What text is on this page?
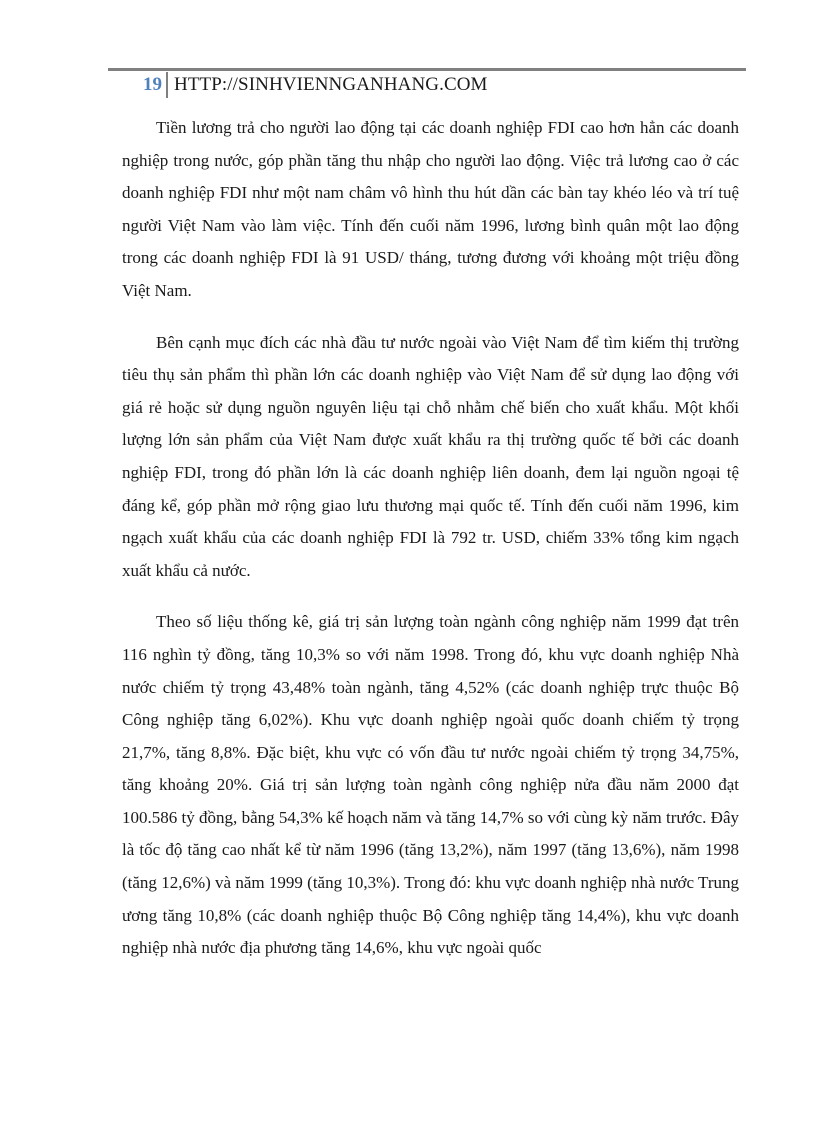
19 HTTP://SINHVIENNGANHANG.COM

Tiền lương trả cho người lao động tại các doanh nghiệp FDI cao hơn hẳn các doanh nghiệp trong nước, góp phần tăng thu nhập cho người lao động. Việc trả lương cao ở các doanh nghiệp FDI như một nam châm vô hình thu hút dần các bàn tay khéo léo và trí tuệ người Việt Nam vào làm việc. Tính đến cuối năm 1996, lương bình quân một lao động trong các doanh nghiệp FDI là 91 USD/ tháng, tương đương với khoảng một triệu đồng Việt Nam.

Bên cạnh mục đích các nhà đầu tư nước ngoài vào Việt Nam để tìm kiếm thị trường tiêu thụ sản phẩm thì phần lớn các doanh nghiệp vào Việt Nam để sử dụng lao động với giá rẻ hoặc sử dụng nguồn nguyên liệu tại chỗ nhằm chế biến cho xuất khẩu. Một khối lượng lớn sản phẩm của Việt Nam được xuất khẩu ra thị trường quốc tế bởi các doanh nghiệp FDI, trong đó phần lớn là các doanh nghiệp liên doanh, đem lại nguồn ngoại tệ đáng kể, góp phần mở rộng giao lưu thương mại quốc tế. Tính đến cuối năm 1996, kim ngạch xuất khẩu của các doanh nghiệp FDI là 792 tr. USD, chiếm 33% tổng kim ngạch xuất khẩu cả nước.

Theo số liệu thống kê, giá trị sản lượng toàn ngành công nghiệp năm 1999 đạt trên 116 nghìn tỷ đồng, tăng 10,3% so với năm 1998. Trong đó, khu vực doanh nghiệp Nhà nước chiếm tỷ trọng 43,48% toàn ngành, tăng 4,52% (các doanh nghiệp trực thuộc Bộ Công nghiệp tăng 6,02%). Khu vực doanh nghiệp ngoài quốc doanh chiếm tỷ trọng 21,7%, tăng 8,8%. Đặc biệt, khu vực có vốn đầu tư nước ngoài chiếm tỷ trọng 34,75%, tăng khoảng 20%. Giá trị sản lượng toàn ngành công nghiệp nửa đầu năm 2000 đạt 100.586 tỷ đồng, bằng 54,3% kế hoạch năm và tăng 14,7% so với cùng kỳ năm trước. Đây là tốc độ tăng cao nhất kể từ năm 1996 (tăng 13,2%), năm 1997 (tăng 13,6%), năm 1998 (tăng 12,6%) và năm 1999 (tăng 10,3%). Trong đó: khu vực doanh nghiệp nhà nước Trung ương tăng 10,8% (các doanh nghiệp thuộc Bộ Công nghiệp tăng 14,4%), khu vực doanh nghiệp nhà nước địa phương tăng 14,6%, khu vực ngoài quốc
